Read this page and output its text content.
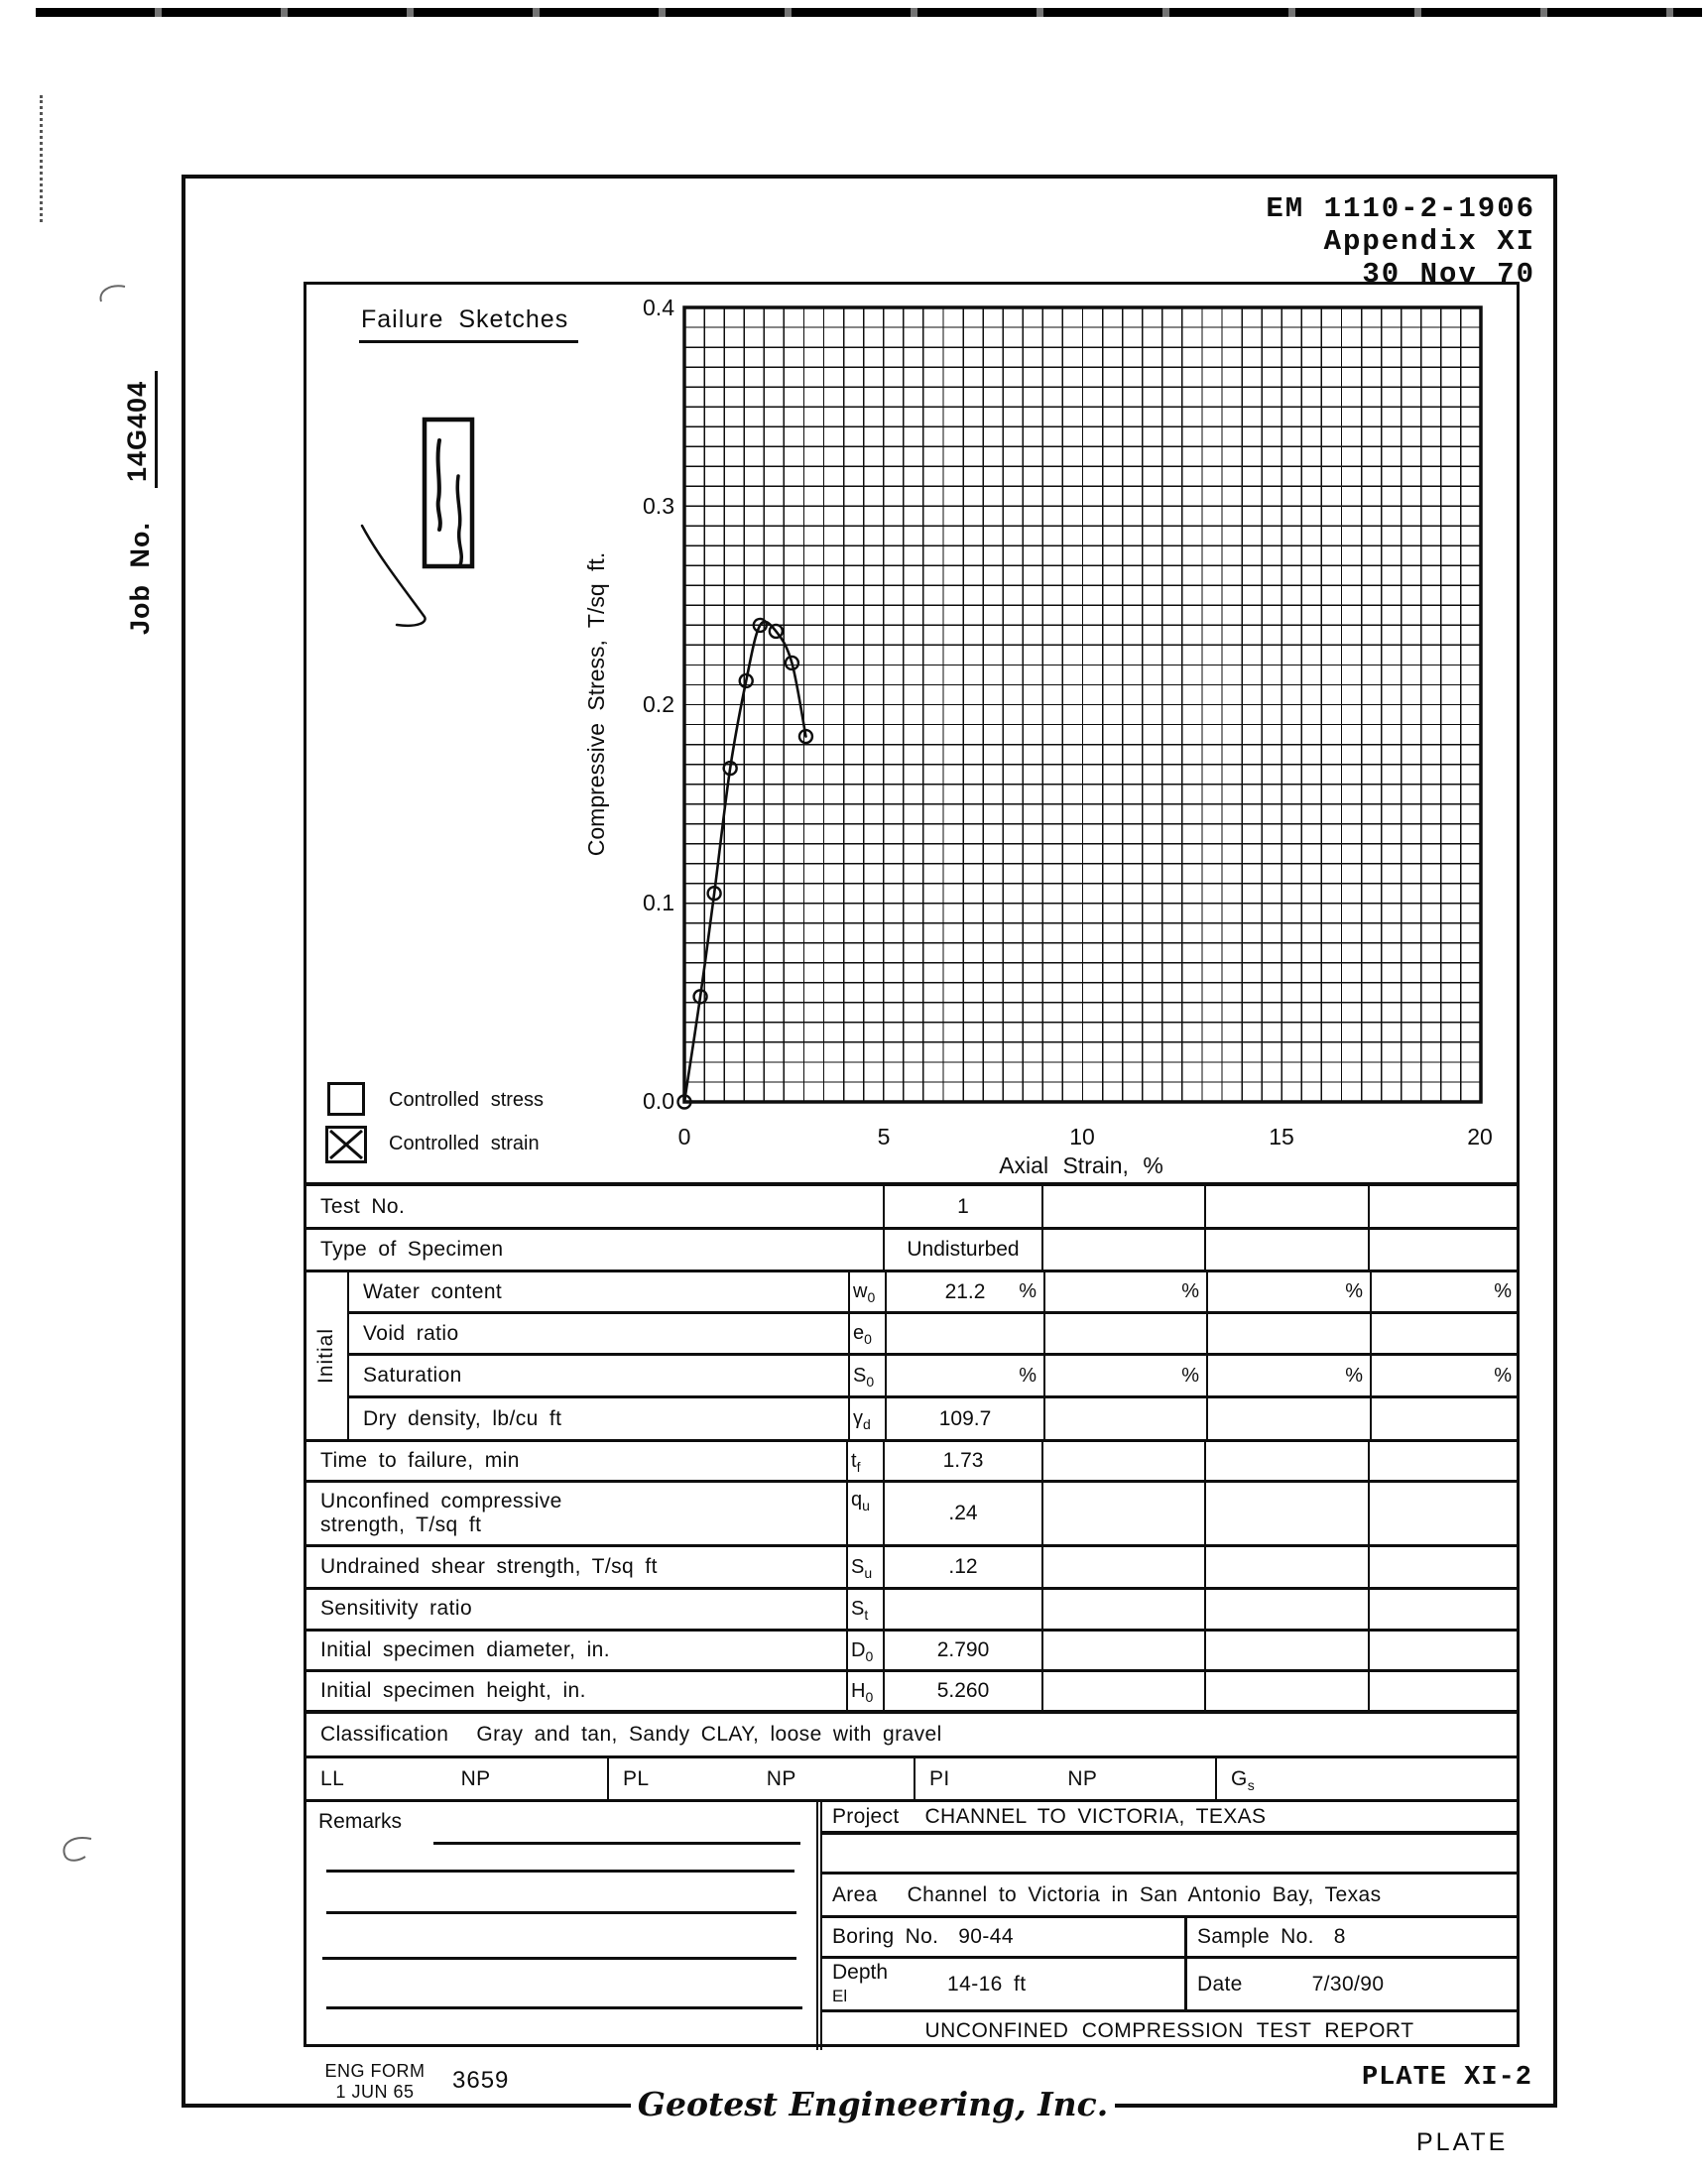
Job No.
14G404
EM 1110-2-1906
Appendix XI
30 Nov 70
Failure Sketches	0.4
0.3
0.2
0.1
0.0
0	5	10	15	20
Axial Strain, %
Compressive Stress, T/sq ft.
Controlled stress
Controlled strain
Test No.	1
Type of Specimen	Undisturbed
Initial
Water content	$w_0$	21.2 %	%	%	%
Void ratio	$e_0$
Saturation	$S_0$	%	%	%	%
Dry density, lb/cu ft	$\gamma_d$	109.7
Time to failure, min	$t_f$	1.73
Unconfined compressive
strength, T/sq ft
$q_u$	.24
Undrained shear strength, T/sq ft	$S_u$	.12
Sensitivity ratio	$S_t$
Initial specimen diameter, in.	$D_0$	2.790
Initial specimen height, in.	$H_0$	5.260
Classification Gray and tan, Sandy CLAY, loose with gravel
LL	NP	PL	NP	PI	NP	$G_s$
Remarks	Project CHANNEL TO VICTORIA, TEXAS
Area Channel to Victoria in San Antonio Bay, Texas
Boring No. 90-44	Sample No. 8
Depth
El
14-16 ft	Date	7/30/90
UNCONFINED COMPRESSION TEST REPORT
ENG FORM
1 JUN 65	3659
Geotest Engineering, Inc.
PLATE XI-2
PLATE
